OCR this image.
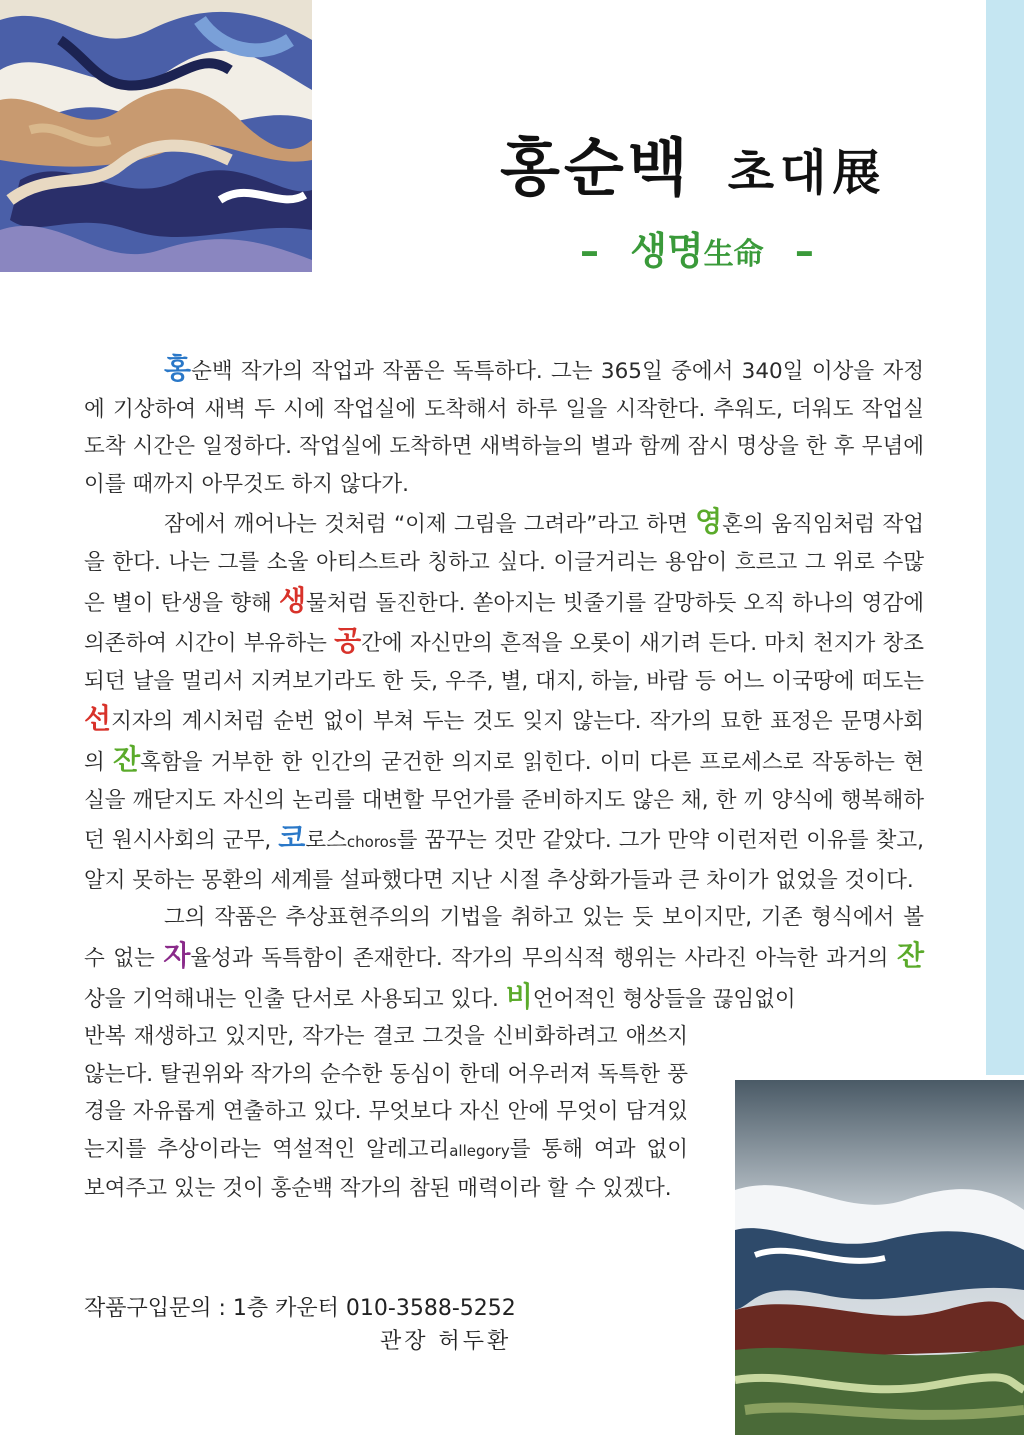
홍순백 초대展
– 생명生命 –

홍순백 작가의 작업과 작품은 독특하다. 그는 365일 중에서 340일 이상을 자정에 기상하여 새벽 두 시에 작업실에 도착해서 하루 일을 시작한다. 추워도, 더워도 작업실 도착 시간은 일정하다. 작업실에 도착하면 새벽하늘의 별과 함께 잠시 명상을 한 후 무념에 이를 때까지 아무것도 하지 않다가.

잠에서 깨어나는 것처럼 “이제 그림을 그려라”라고 하면 영혼의 움직임처럼 작업을 한다. 나는 그를 소울 아티스트라 칭하고 싶다. 이글거리는 용암이 흐르고 그 위로 수많은 별이 탄생을 향해 생물처럼 돌진한다. 쏟아지는 빗줄기를 갈망하듯 오직 하나의 영감에 의존하여 시간이 부유하는 공간에 자신만의 흔적을 오롯이 새기려 든다. 마치 천지가 창조되던 날을 멀리서 지켜보기라도 한 듯, 우주, 별, 대지, 하늘, 바람 등 어느 이국땅에 떠도는 선지자의 계시처럼 순번 없이 부쳐 두는 것도 잊지 않는다. 작가의 묘한 표정은 문명사회의 잔혹함을 거부한 한 인간의 굳건한 의지로 읽힌다. 이미 다른 프로세스로 작동하는 현실을 깨닫지도 자신의 논리를 대변할 무언가를 준비하지도 않은 채, 한 끼 양식에 행복해하던 원시사회의 군무, 코로스choros를 꿈꾸는 것만 같았다. 그가 만약 이런저런 이유를 찾고, 알지 못하는 몽환의 세계를 설파했다면 지난 시절 추상화가들과 큰 차이가 없었을 것이다.

그의 작품은 추상표현주의의 기법을 취하고 있는 듯 보이지만, 기존 형식에서 볼 수 없는 자율성과 독특함이 존재한다. 작가의 무의식적 행위는 사라진 아늑한 과거의 잔상을 기억해내는 인출 단서로 사용되고 있다. 비언어적인 형상들을 끊임없이

반복 재생하고 있지만, 작가는 결코 그것을 신비화하려고 애쓰지 않는다. 탈권위와 작가의 순수한 동심이 한데 어우러져 독특한 풍경을 자유롭게 연출하고 있다. 무엇보다 자신 안에 무엇이 담겨있는지를 추상이라는 역설적인 알레고리allegory를 통해 여과 없이 보여주고 있는 것이 홍순백 작가의 참된 매력이라 할 수 있겠다.

작품구입문의 : 1층 카운터 010-3588-5252
관장 허두환
